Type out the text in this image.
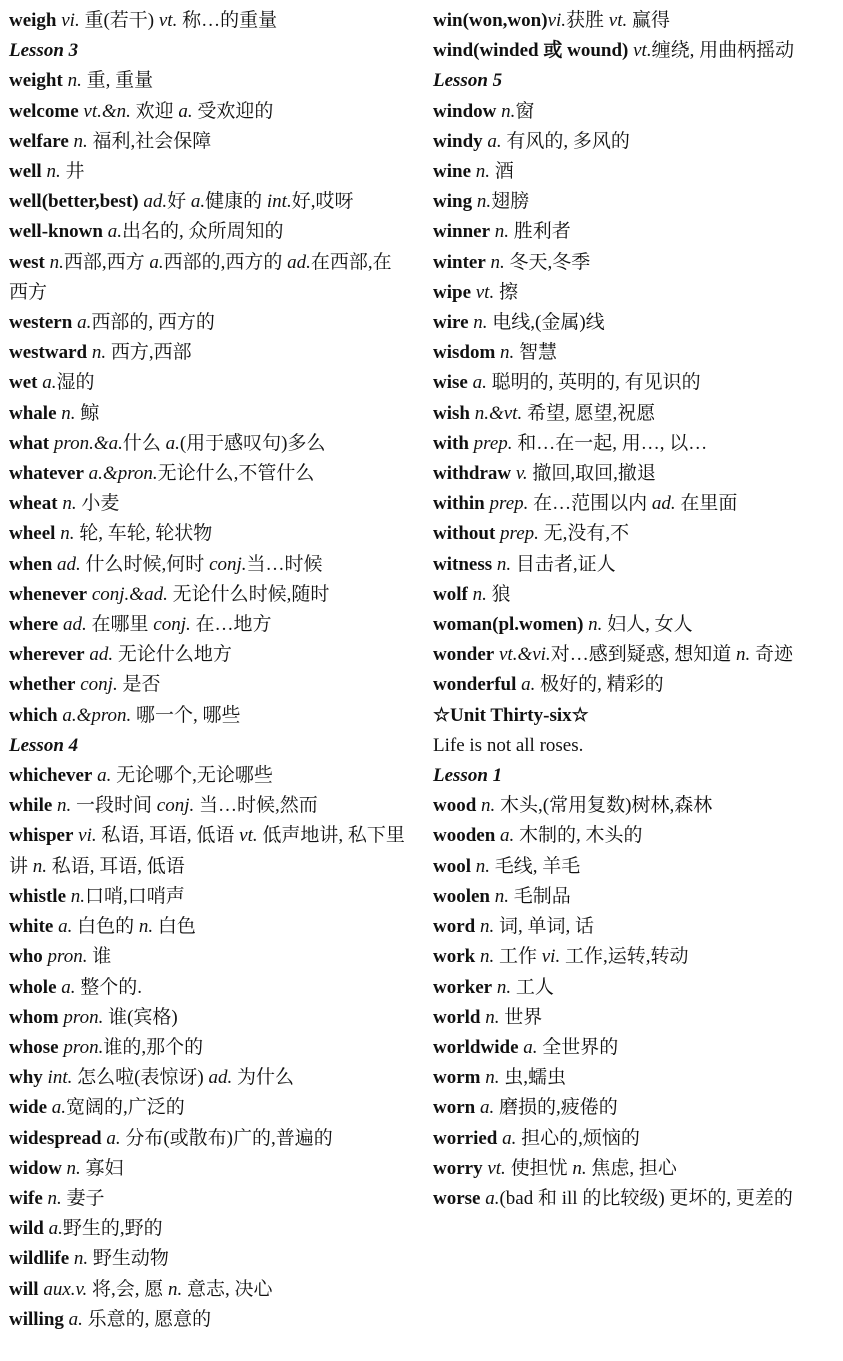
weigh vi. 重(若干) vt. 称…的重量
Lesson 3
weight n. 重, 重量
welcome vt.&n. 欢迎 a. 受欢迎的
welfare n. 福利,社会保障
well n. 井
well(better,best) ad.好 a.健康的 int.好,哎呀
well-known a.出名的, 众所周知的
west n.西部,西方 a.西部的,西方的 ad.在西部,在西方
western a.西部的, 西方的
westward n. 西方,西部
wet a.湿的
whale n. 鲸
what pron.&a.什么 a.(用于感叹句)多么
whatever a.&pron.无论什么,不管什么
wheat n. 小麦
wheel n. 轮, 车轮, 轮状物
when ad. 什么时候,何时 conj.当…时候
whenever conj.&ad. 无论什么时候,随时
where ad. 在哪里 conj. 在…地方
wherever ad. 无论什么地方
whether conj. 是否
which a.&pron. 哪一个, 哪些
Lesson 4
whichever a. 无论哪个,无论哪些
while n. 一段时间 conj. 当…时候,然而
whisper vi. 私语, 耳语, 低语 vt. 低声地讲, 私下里讲 n. 私语, 耳语, 低语
whistle n.口哨,口哨声
white a. 白色的 n. 白色
who pron. 谁
whole a. 整个的.
whom pron. 谁(宾格)
whose pron.谁的,那个的
why int. 怎么啦(表惊讶) ad. 为什么
wide a.宽阔的,广泛的
widespread a. 分布(或散布)广的,普遍的
widow n. 寡妇
wife n. 妻子
wild a.野生的,野的
wildlife n. 野生动物
will aux.v. 将,会, 愿 n. 意志, 决心
willing a. 乐意的, 愿意的
win(won,won)vi.获胜 vt. 赢得
wind(winded 或 wound) vt.缠绕, 用曲柄摇动
Lesson 5
window n.窗
windy a. 有风的, 多风的
wine n. 酒
wing n.翅膀
winner n. 胜利者
winter n. 冬天,冬季
wipe vt. 擦
wire n. 电线,(金属)线
wisdom n. 智慧
wise a. 聪明的, 英明的, 有见识的
wish n.&vt. 希望, 愿望,祝愿
with prep. 和…在一起, 用…, 以…
withdraw v. 撤回,取回,撤退
within prep. 在…范围以内 ad. 在里面
without prep. 无,没有,不
witness n. 目击者,证人
wolf n. 狼
woman(pl.women) n. 妇人, 女人
wonder vt.&vi.对…感到疑惑, 想知道 n. 奇迹
wonderful a. 极好的, 精彩的
☆Unit Thirty-six☆
Life is not all roses.
Lesson 1
wood n. 木头,(常用复数)树林,森林
wooden a. 木制的, 木头的
wool n. 毛线, 羊毛
woolen n. 毛制品
word n. 词, 单词, 话
work n. 工作 vi. 工作,运转,转动
worker n. 工人
world n. 世界
worldwide a. 全世界的
worm n. 虫,蠕虫
worn a. 磨损的,疲倦的
worried a. 担心的,烦恼的
worry vt. 使担忧 n. 焦虑, 担心
worse a.(bad 和 ill 的比较级) 更坏的, 更差的
